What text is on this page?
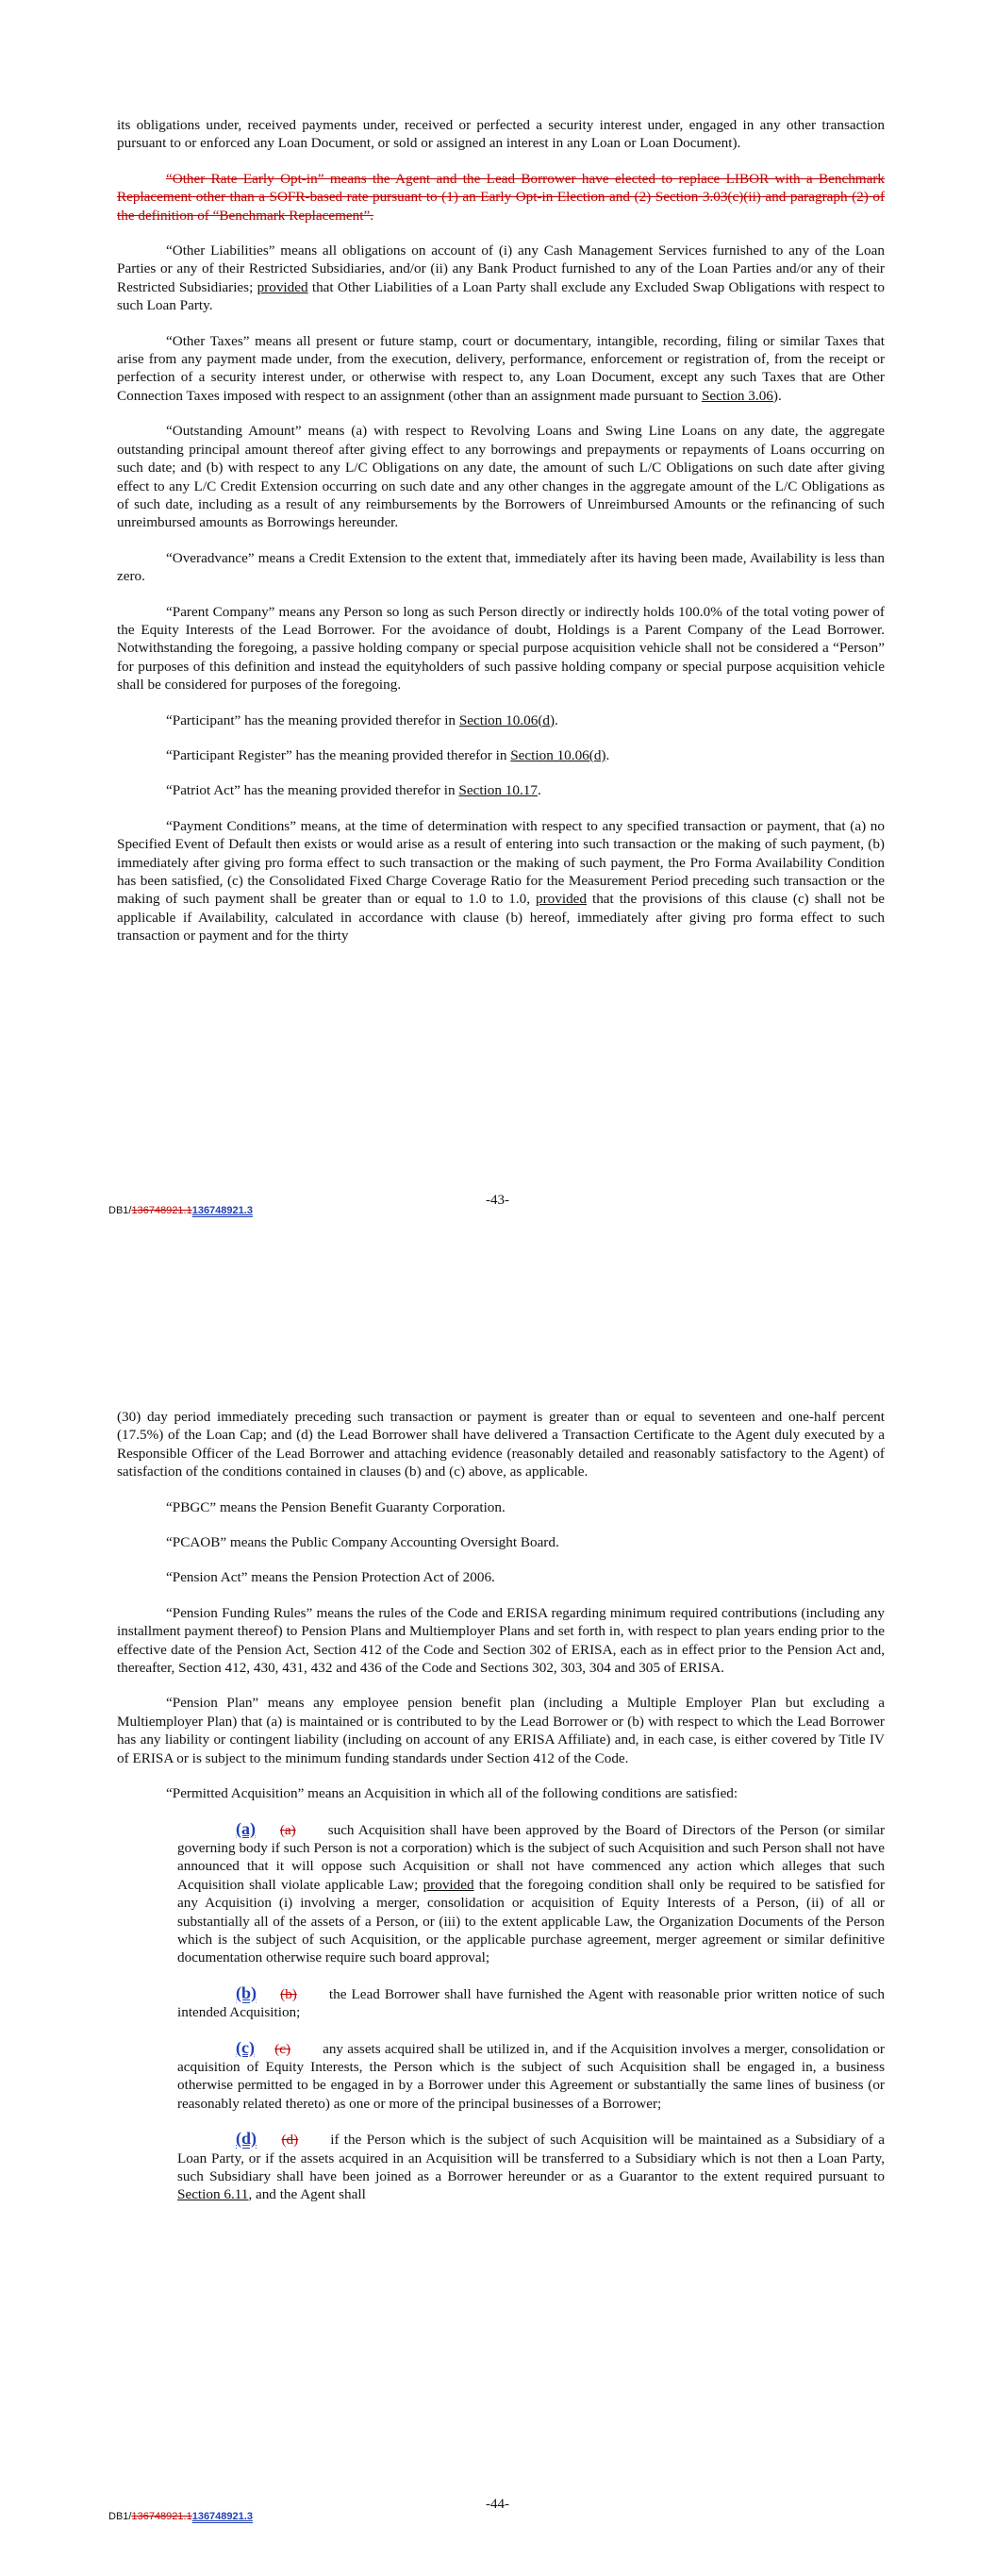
its obligations under, received payments under, received or perfected a security interest under, engaged in any other transaction pursuant to or enforced any Loan Document, or sold or assigned an interest in any Loan or Loan Document).

“Other Rate Early Opt-in” means the Agent and the Lead Borrower have elected to replace LIBOR with a Benchmark Replacement other than a SOFR-based rate pursuant to (1) an Early Opt-in Election and (2) Section 3.03(c)(ii) and paragraph (2) of the definition of “Benchmark Replacement”.

“Other Liabilities” means all obligations on account of (i) any Cash Management Services furnished to any of the Loan Parties or any of their Restricted Subsidiaries, and/or (ii) any Bank Product furnished to any of the Loan Parties and/or any of their Restricted Subsidiaries; provided that Other Liabilities of a Loan Party shall exclude any Excluded Swap Obligations with respect to such Loan Party.

“Other Taxes” means all present or future stamp, court or documentary, intangible, recording, filing or similar Taxes that arise from any payment made under, from the execution, delivery, performance, enforcement or registration of, from the receipt or perfection of a security interest under, or otherwise with respect to, any Loan Document, except any such Taxes that are Other Connection Taxes imposed with respect to an assignment (other than an assignment made pursuant to Section 3.06).

“Outstanding Amount” means (a) with respect to Revolving Loans and Swing Line Loans on any date, the aggregate outstanding principal amount thereof after giving effect to any borrowings and prepayments or repayments of Loans occurring on such date; and (b) with respect to any L/C Obligations on any date, the amount of such L/C Obligations on such date after giving effect to any L/C Credit Extension occurring on such date and any other changes in the aggregate amount of the L/C Obligations as of such date, including as a result of any reimbursements by the Borrowers of Unreimbursed Amounts or the refinancing of such unreimbursed amounts as Borrowings hereunder.

“Overadvance” means a Credit Extension to the extent that, immediately after its having been made, Availability is less than zero.

“Parent Company” means any Person so long as such Person directly or indirectly holds 100.0% of the total voting power of the Equity Interests of the Lead Borrower. For the avoidance of doubt, Holdings is a Parent Company of the Lead Borrower. Notwithstanding the foregoing, a passive holding company or special purpose acquisition vehicle shall not be considered a “Person” for purposes of this definition and instead the equityholders of such passive holding company or special purpose acquisition vehicle shall be considered for purposes of the foregoing.

“Participant” has the meaning provided therefor in Section 10.06(d).

“Participant Register” has the meaning provided therefor in Section 10.06(d).

“Patriot Act” has the meaning provided therefor in Section 10.17.

“Payment Conditions” means, at the time of determination with respect to any specified transaction or payment, that (a) no Specified Event of Default then exists or would arise as a result of entering into such transaction or the making of such payment, (b) immediately after giving pro forma effect to such transaction or the making of such payment, the Pro Forma Availability Condition has been satisfied, (c) the Consolidated Fixed Charge Coverage Ratio for the Measurement Period preceding such transaction or the making of such payment shall be greater than or equal to 1.0 to 1.0, provided that the provisions of this clause (c) shall not be applicable if Availability, calculated in accordance with clause (b) hereof, immediately after giving pro forma effect to such transaction or payment and for the thirty

-43-
DB1/136748921.1136748921.3

(30) day period immediately preceding such transaction or payment is greater than or equal to seventeen and one-half percent (17.5%) of the Loan Cap; and (d) the Lead Borrower shall have delivered a Transaction Certificate to the Agent duly executed by a Responsible Officer of the Lead Borrower and attaching evidence (reasonably detailed and reasonably satisfactory to the Agent) of satisfaction of the conditions contained in clauses (b) and (c) above, as applicable.

“PBGC” means the Pension Benefit Guaranty Corporation.

“PCAOB” means the Public Company Accounting Oversight Board.

“Pension Act” means the Pension Protection Act of 2006.

“Pension Funding Rules” means the rules of the Code and ERISA regarding minimum required contributions (including any installment payment thereof) to Pension Plans and Multiemployer Plans and set forth in, with respect to plan years ending prior to the effective date of the Pension Act, Section 412 of the Code and Section 302 of ERISA, each as in effect prior to the Pension Act and, thereafter, Section 412, 430, 431, 432 and 436 of the Code and Sections 302, 303, 304 and 305 of ERISA.

“Pension Plan” means any employee pension benefit plan (including a Multiple Employer Plan but excluding a Multiemployer Plan) that (a) is maintained or is contributed to by the Lead Borrower or (b) with respect to which the Lead Borrower has any liability or contingent liability (including on account of any ERISA Affiliate) and, in each case, is either covered by Title IV of ERISA or is subject to the minimum funding standards under Section 412 of the Code.

“Permitted Acquisition” means an Acquisition in which all of the following conditions are satisfied:

(a) (a) such Acquisition shall have been approved by the Board of Directors of the Person (or similar governing body if such Person is not a corporation) which is the subject of such Acquisition and such Person shall not have announced that it will oppose such Acquisition or shall not have commenced any action which alleges that such Acquisition shall violate applicable Law; provided that the foregoing condition shall only be required to be satisfied for any Acquisition (i) involving a merger, consolidation or acquisition of Equity Interests of a Person, (ii) of all or substantially all of the assets of a Person, or (iii) to the extent applicable Law, the Organization Documents of the Person which is the subject of such Acquisition, or the applicable purchase agreement, merger agreement or similar definitive documentation otherwise require such board approval;

(b) (b) the Lead Borrower shall have furnished the Agent with reasonable prior written notice of such intended Acquisition;

(c) (c) any assets acquired shall be utilized in, and if the Acquisition involves a merger, consolidation or acquisition of Equity Interests, the Person which is the subject of such Acquisition shall be engaged in, a business otherwise permitted to be engaged in by a Borrower under this Agreement or substantially the same lines of business (or reasonably related thereto) as one or more of the principal businesses of a Borrower;

(d) (d) if the Person which is the subject of such Acquisition will be maintained as a Subsidiary of a Loan Party, or if the assets acquired in an Acquisition will be transferred to a Subsidiary which is not then a Loan Party, such Subsidiary shall have been joined as a Borrower hereunder or as a Guarantor to the extent required pursuant to Section 6.11, and the Agent shall

-44-
DB1/136748921.1136748921.3
